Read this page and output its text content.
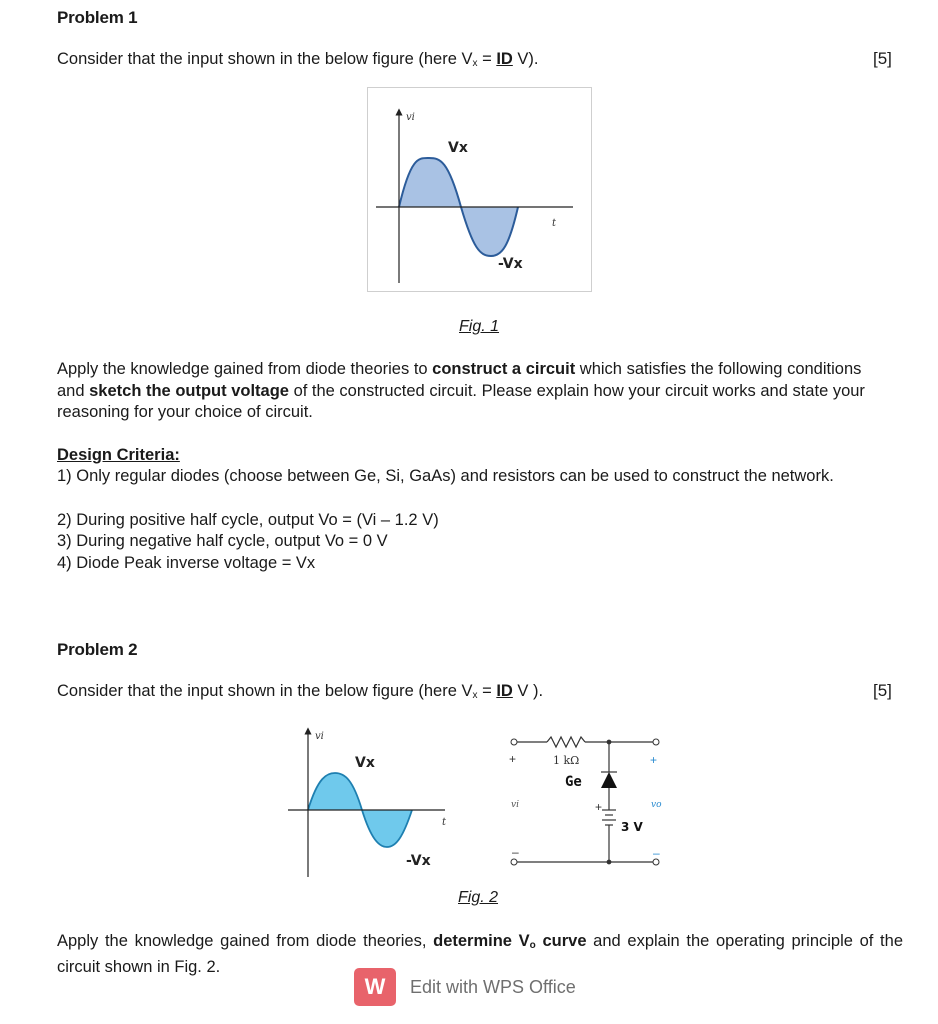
Problem 1
Consider that the input shown in the below figure (here $V_x$ = ID V).	[5]
vi
Vx
-Vx
t
Fig. 1
Apply the knowledge gained from diode theories to construct a circuit which satisfies the following conditions and sketch the output voltage of the constructed circuit. Please explain how your circuit works and state your reasoning for your choice of circuit.
Design Criteria:
1) Only regular diodes (choose between Ge, Si, GaAs) and resistors can be used to construct the network.
2) During positive half cycle, output Vo = (Vi – 1.2 V)
3) During negative half cycle, output Vo = 0 V
4) Diode Peak inverse voltage = Vx
Problem 2
Consider that the input shown in the below figure (here $V_x$ = ID V ).	[5]
vi
Vx
-Vx
t
1 kΩ
Ge
3 V
+
–
vi	+
+
–
vo
Fig. 2
Apply the knowledge gained from diode theories, determine $V_o$ curve and explain the operating principle of the circuit shown in Fig. 2.
W	Edit with WPS Office
